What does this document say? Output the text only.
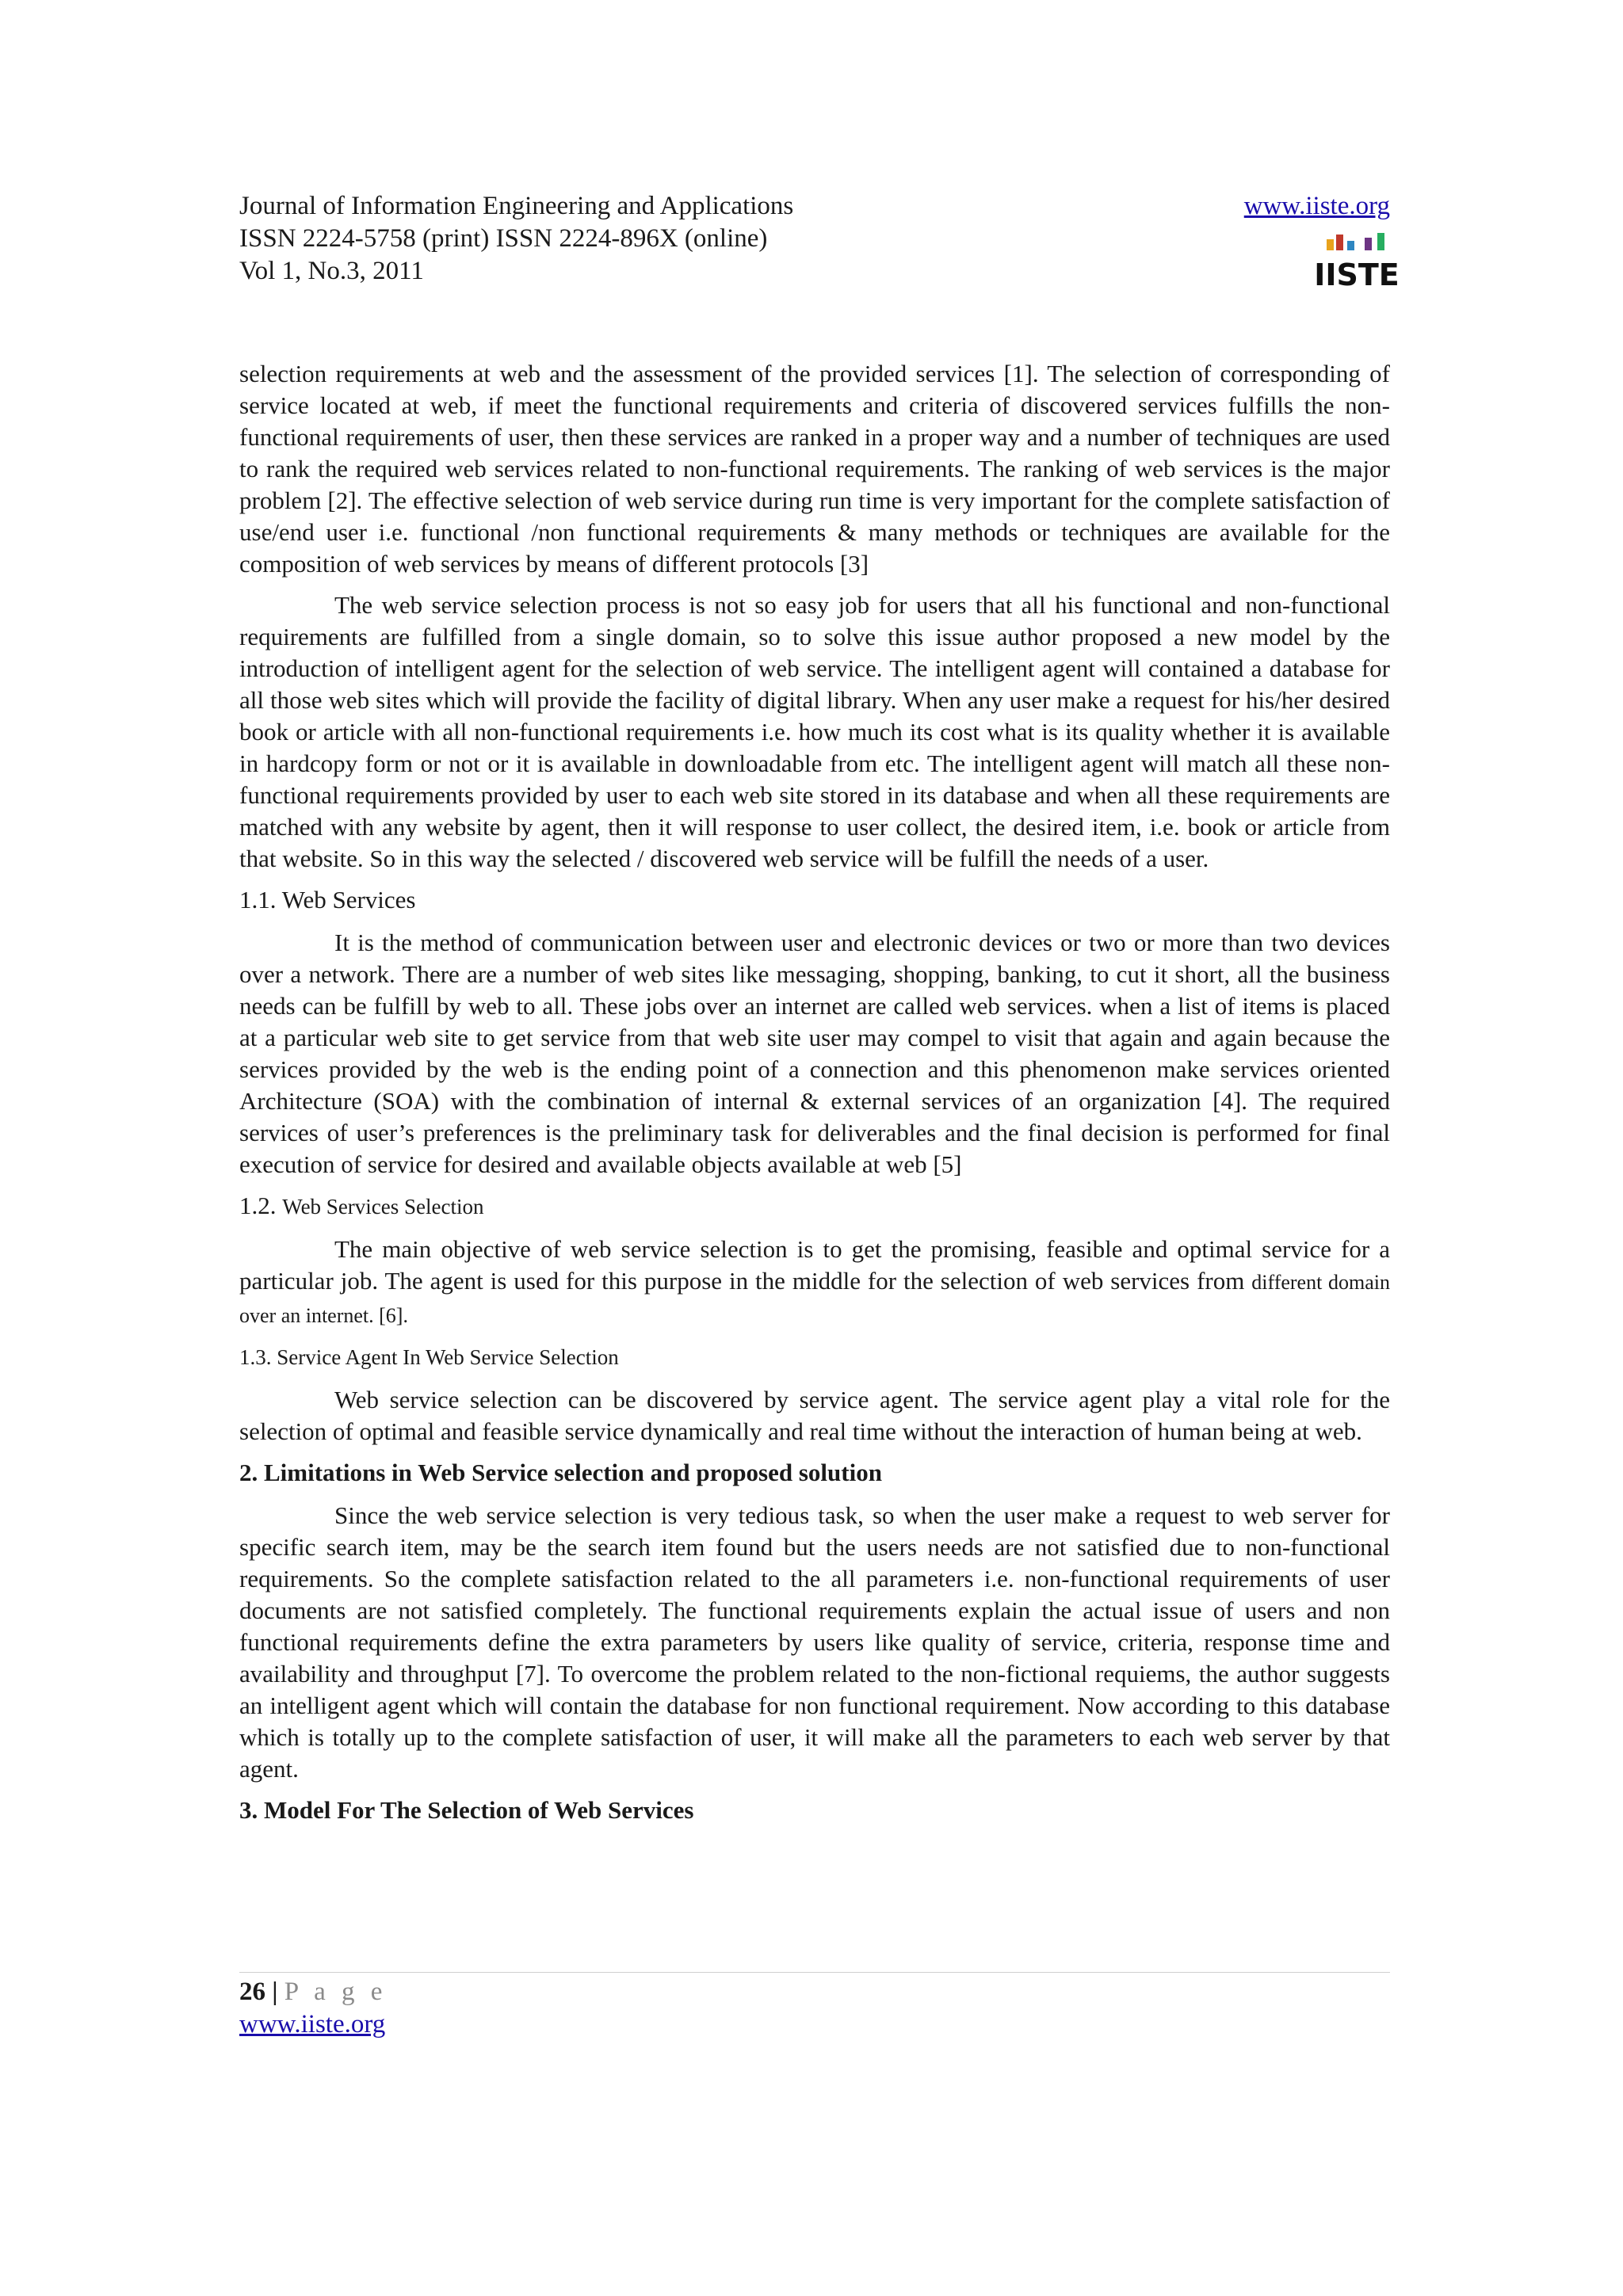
Journal of Information Engineering and Applications
ISSN 2224-5758 (print) ISSN 2224-896X (online)
Vol 1, No.3, 2011
www.iiste.org
IISTE

selection requirements at web and the assessment of the provided services [1]. The selection of corresponding of service located at web, if meet the functional requirements and criteria of discovered services fulfills the non-functional requirements of user, then these services are ranked in a proper way and a number of techniques are used to rank the required web services related to non-functional requirements. The ranking of web services is the major problem [2]. The effective selection of web service during run time is very important for the complete satisfaction of use/end user i.e. functional /non functional requirements & many methods or techniques are available for the composition of web services by means of different protocols [3]

The web service selection process is not so easy job for users that all his functional and non-functional requirements are fulfilled from a single domain, so to solve this issue author proposed a new model by the introduction of intelligent agent for the selection of web service. The intelligent agent will contained a database for all those web sites which will provide the facility of digital library. When any user make a request for his/her desired book or article with all non-functional requirements i.e. how much its cost what is its quality whether it is available in hardcopy form or not or it is available in downloadable from etc. The intelligent agent will match all these non-functional requirements provided by user to each web site stored in its database and when all these requirements are matched with any website by agent, then it will response to user collect, the desired item, i.e. book or article from that website. So in this way the selected / discovered web service will be fulfill the needs of a user.

1.1. Web Services

It is the method of communication between user and electronic devices or two or more than two devices over a network. There are a number of web sites like messaging, shopping, banking, to cut it short, all the business needs can be fulfill by web to all. These jobs over an internet are called web services. when a list of items is placed at a particular web site to get service from that web site user may compel to visit that again and again because the services provided by the web is the ending point of a connection and this phenomenon make services oriented Architecture (SOA) with the combination of internal & external services of an organization [4]. The required services of user’s preferences is the preliminary task for deliverables and the final decision is performed for final execution of service for desired and available objects available at web [5]

1.2. Web Services Selection

The main objective of web service selection is to get the promising, feasible and optimal service for a particular job. The agent is used for this purpose in the middle for the selection of web services from different domain over an internet. [6].

1.3. Service Agent In Web Service Selection

Web service selection can be discovered by service agent. The service agent play a vital role for the selection of optimal and feasible service dynamically and real time without the interaction of human being at web.

2. Limitations in Web Service selection and proposed solution

Since the web service selection is very tedious task, so when the user make a request to web server for specific search item, may be the search item found but the users needs are not satisfied due to non-functional requirements. So the complete satisfaction related to the all parameters i.e. non-functional requirements of user documents are not satisfied completely. The functional requirements explain the actual issue of users and non functional requirements define the extra parameters by users like quality of service, criteria, response time and availability and throughput [7]. To overcome the problem related to the non-fictional requiems, the author suggests an intelligent agent which will contain the database for non functional requirement. Now according to this database which is totally up to the complete satisfaction of user, it will make all the parameters to each web server by that agent.

3. Model For The Selection of Web Services
26 | P a g e
www.iiste.org
